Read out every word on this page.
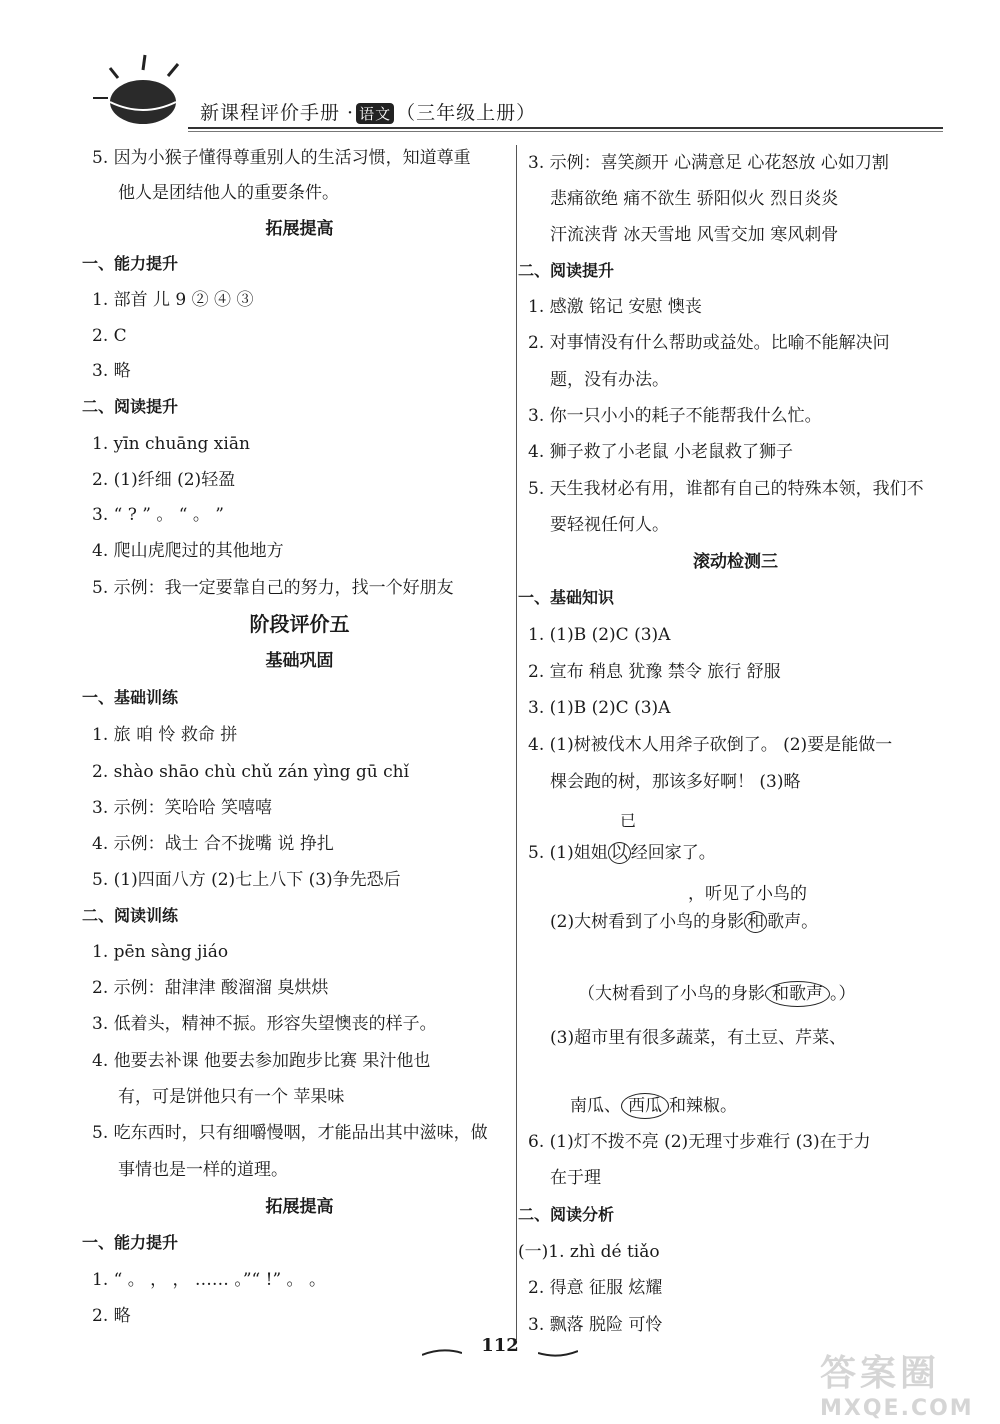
新课程评价手册 · 语文 （三年级上册）
5. 因为小猴子懂得尊重别人的生活习惯，知道尊重
他人是团结他人的重要条件。
拓展提高
一、能力提升
1. 部首 儿 9 ② ④ ③
2. C
3. 略
二、阅读提升
1. yīn chuāng xiān
2. (1)纤细 (2)轻盈
3. “ ? ” 。 “ 。 ”
4. 爬山虎爬过的其他地方
5. 示例：我一定要靠自己的努力，找一个好朋友
阶段评价五
基础巩固
一、基础训练
1. 旅 咱 怜 救命 拼
2. shào shāo chù chǔ zán yìng gū chǐ
3. 示例：笑哈哈 笑嘻嘻
4. 示例：战士 合不拢嘴 说 挣扎
5. (1)四面八方 (2)七上八下 (3)争先恐后
二、阅读训练
1. pēn sàng jiáo
2. 示例：甜津津 酸溜溜 臭烘烘
3. 低着头，精神不振。形容失望懊丧的样子。
4. 他要去补课 他要去参加跑步比赛 果汁他也
有，可是饼他只有一个 苹果味
5. 吃东西时，只有细嚼慢咽，才能品出其中滋味，做
事情也是一样的道理。
拓展提高
一、能力提升
1. “ 。 ， ， …… 。”“ !” 。 。
2. 略
3. 示例：喜笑颜开 心满意足 心花怒放 心如刀割
悲痛欲绝 痛不欲生 骄阳似火 烈日炎炎
汗流浃背 冰天雪地 风雪交加 寒风刺骨
二、阅读提升
1. 感激 铭记 安慰 懊丧
2. 对事情没有什么帮助或益处。比喻不能解决问
题，没有办法。
3. 你一只小小的耗子不能帮我什么忙。
4. 狮子救了小老鼠 小老鼠救了狮子
5. 天生我材必有用，谁都有自己的特殊本领，我们不
要轻视任何人。
滚动检测三
一、基础知识
1. (1)B (2)C (3)A
2. 宣布 稍息 犹豫 禁令 旅行 舒服
3. (1)B (2)C (3)A
4. (1)树被伐木人用斧子砍倒了。 (2)要是能做一
棵会跑的树，那该多好啊！ (3)略
已
5. (1)姐姐 以 经回家了。
，听见了小鸟的
(2)大树看到了小鸟的身影 和 歌声。
（大树看到了小鸟的身影 和歌声 。）
(3)超市里有很多蔬菜，有土豆、芹菜、
南瓜、 西瓜 和辣椒。
6. (1)灯不拨不亮 (2)无理寸步难行 (3)在于力
在于理
二、阅读分析
(一)1. zhì dé tiǎo
2. 得意 征服 炫耀
3. 飘落 脱险 可怜
112
答案圈
MXQE.COM
